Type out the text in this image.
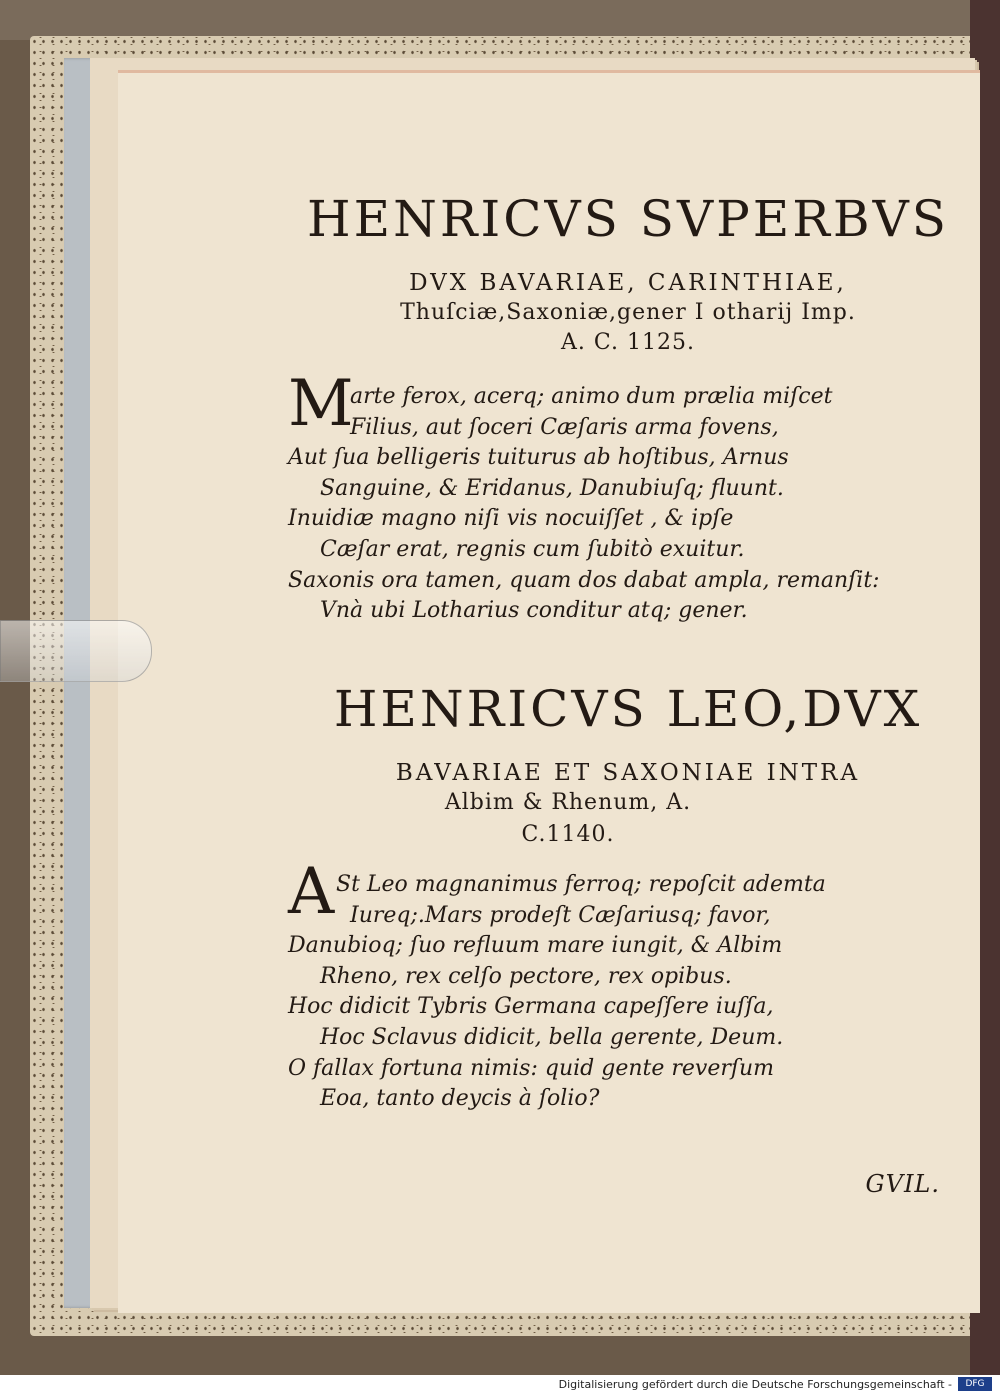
HENRICVS SVPERBVS
DVX BAVARIAE, CARINTHIAE,
Thuſciæ,Saxoniæ,gener I otharij Imp.
A. C. 1125.
M
arte ferox, acerq; animo dum prælia miſcet
Filius, aut ſoceri Cæſaris arma fovens,
Aut ſua belligeris tuiturus ab hoſtibus, Arnus
Sanguine, & Eridanus, Danubiuſq; fluunt.
Inuidiæ magno niſi vis nocuiſſet , & ipſe
Cæſar erat, regnis cum ſubitò exuitur.
Saxonis ora tamen, quam dos dabat ampla, remanſit:
Vnà ubi Lotharius conditur atq; gener.
HENRICVS LEO,DVX
BAVARIAE ET SAXONIAE INTRA
Albim & Rhenum, A.
C.1140.
A St Leo magnanimus ferroq; repoſcit ademta
Iureq;.Mars prodeſt Cæſariusq; favor,
Danubioq; ſuo refluum mare iungit, & Albim
Rheno, rex celſo pectore, rex opibus.
Hoc didicit Tybris Germana capeſſere iuſſa,
Hoc Sclavus didicit, bella gerente, Deum.
O fallax fortuna nimis: quid gente reverſum
Eoa, tanto deycis à ſolio?
GVIL.
Digitalisierung gefördert durch die Deutsche Forschungsgemeinschaft -	DFG
